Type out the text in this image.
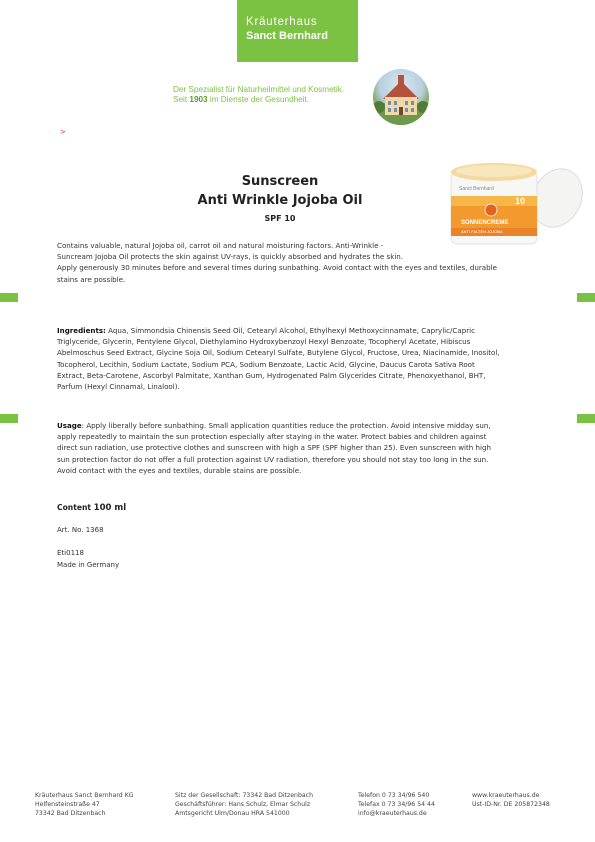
Kräuterhaus
Sanct Bernhard
Der Spezialist für Naturheilmittel und Kosmetik.
Seit 1903 im Dienste der Gesundheit.
>
Sunscreen
Anti Wrinkle Jojoba Oil
SPF 10
Sanct Bernhard
10
SONNENCREME
ANTI FALTEN JOJOBA
Contains valuable, natural Jojoba oil, carrot oil and natural moisturing factors. Anti-Wrinkle -
Suncream Jojoba Oil protects the skin against UV-rays, is quickly absorbed and hydrates the skin.
Apply generously 30 minutes before and several times during sunbathing. Avoid contact with the eyes and textiles, durable
stains are possible.
Ingredients: Aqua, Simmondsia Chinensis Seed Oil, Cetearyl Alcohol, Ethylhexyl Methoxycinnamate, Caprylic/Capric
Triglyceride, Glycerin, Pentylene Glycol, Diethylamino Hydroxybenzoyl Hexyl Benzoate, Tocopheryl Acetate, Hibiscus
Abelmoschus Seed Extract, Glycine Soja Oil, Sodium Cetearyl Sulfate, Butylene Glycol, Fructose, Urea, Niacinamide, Inositol,
Tocopherol, Lecithin, Sodium Lactate, Sodium PCA, Sodium Benzoate, Lactic Acid, Glycine, Daucus Carota Sativa Root
Extract, Beta-Carotene, Ascorbyl Palmitate, Xanthan Gum, Hydrogenated Palm Glycerides Citrate, Phenoxyethanol, BHT,
Parfum (Hexyl Cinnamal, Linalool).
Usage: Apply liberally before sunbathing. Small application quantities reduce the protection. Avoid intensive midday sun,
apply repeatedly to maintain the sun protection especially after staying in the water. Protect babies and children against
direct sun radiation, use protective clothes and sunscreen with high a SPF (SPF higher than 25). Even sunscreen with high
sun protection factor do not offer a full protection against UV radiation, therefore you should not stay too long in the sun.
Avoid contact with the eyes and textiles, durable stains are possible.
Content 100 ml
Art. No. 1368
Eti0118
Made in Germany
Kräuterhaus Sanct Bernhard KG
Helfensteinstraße 47
73342 Bad Ditzenbach
Sitz der Gesellschaft: 73342 Bad Ditzenbach
Geschäftsführer: Hans Schulz, Elmar Schulz
Amtsgericht Ulm/Donau HRA 541000
Telefon 0 73 34/96 540
Telefax 0 73 34/96 54 44
info@kraeuterhaus.de
www.kraeuterhaus.de
Ust-ID-Nr. DE 205872348
